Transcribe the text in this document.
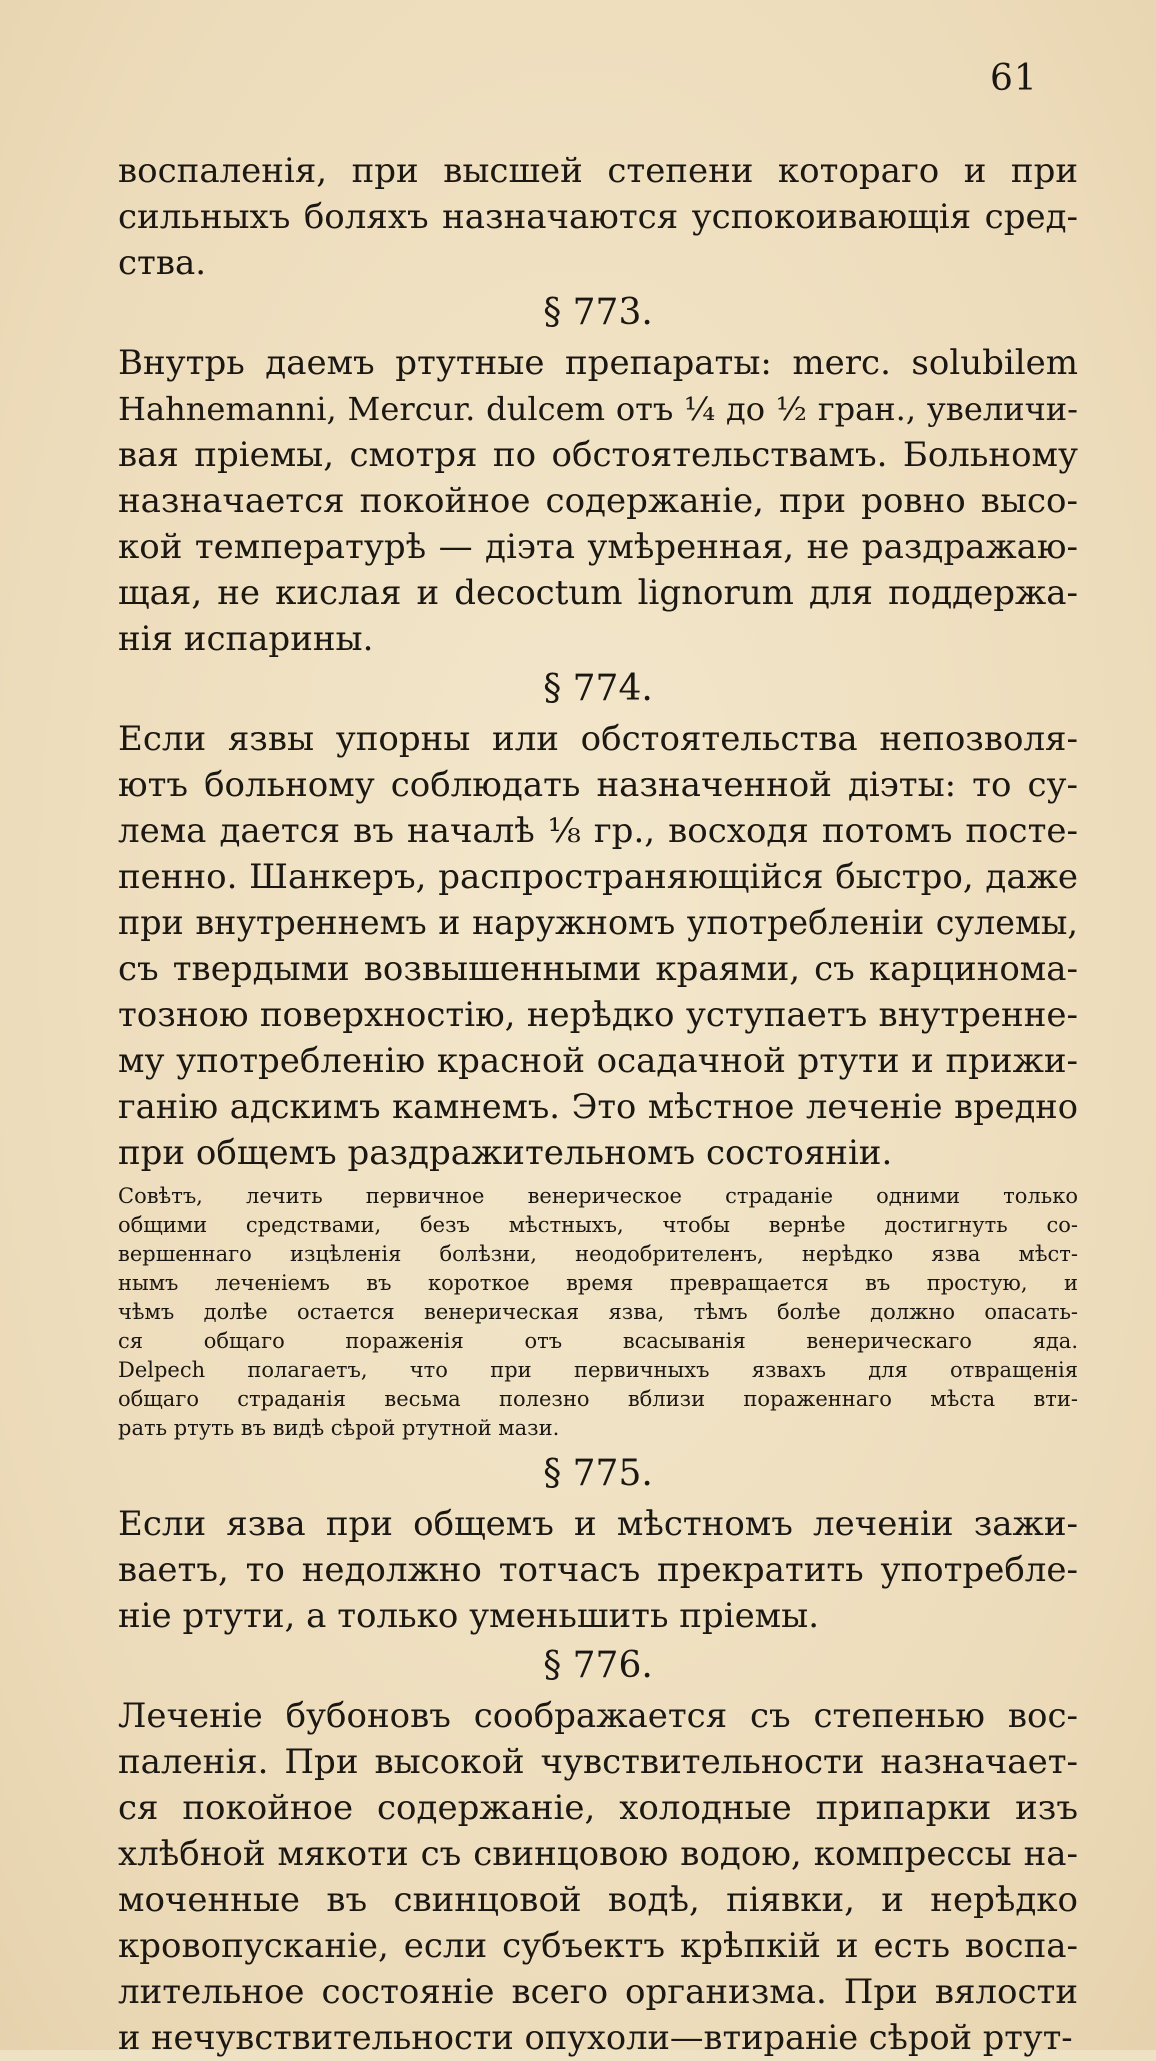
61
воспаленія, при высшей степени котораго и при
сильныхъ боляхъ назначаются успокоивающія сред-
ства.
§ 773.
Внутрь даемъ ртутные препараты: merc. solubilem
Hahnemanni, Mercur. dulcem отъ ¼ до ½ гран., увеличи-
вая пріемы, смотря по обстоятельствамъ. Больному
назначается покойное содержаніе, при ровно высо-
кой температурѣ — діэта умѣренная, не раздражаю-
щая, не кислая и decoctum lignorum для поддержа-
нія испарины.
§ 774.
Если язвы упорны или обстоятельства непозволя-
ютъ больному соблюдать назначенной діэты: то су-
лема дается въ началѣ ⅛ гр., восходя потомъ посте-
пенно. Шанкеръ, распространяющійся быстро, даже
при внутреннемъ и наружномъ употребленіи сулемы,
съ твердыми возвышенными краями, съ карцинома-
тозною поверхностію, нерѣдко уступаетъ внутренне-
му употребленію красной осадачной ртути и прижи-
ганію адскимъ камнемъ. Это мѣстное леченіе вредно
при общемъ раздражительномъ состояніи.
Совѣтъ, лечить первичное венерическое страданіе одними только
общими средствами, безъ мѣстныхъ, чтобы вернѣе достигнуть со-
вершеннаго изцѣленія болѣзни, неодобрителенъ, нерѣдко язва мѣст-
нымъ леченіемъ въ короткое время превращается въ простую, и
чѣмъ долѣе остается венерическая язва, тѣмъ болѣе должно опасать-
ся общаго пораженія отъ всасыванія венерическаго яда.
Delpech полагаетъ, что при первичныхъ язвахъ для отвращенія
общаго страданія весьма полезно вблизи пораженнаго мѣста вти-
рать ртуть въ видѣ сѣрой ртутной мази.
§ 775.
Если язва при общемъ и мѣстномъ леченіи зажи-
ваетъ, то недолжно тотчасъ прекратить употребле-
ніе ртути, а только уменьшить пріемы.
§ 776.
Леченіе бубоновъ соображается съ степенью вос-
паленія. При высокой чувствительности назначает-
ся покойное содержаніе, холодные припарки изъ
хлѣбной мякоти съ свинцовою водою, компрессы на-
моченные въ свинцовой водѣ, піявки, и нерѣдко
кровопусканіе, если субъектъ крѣпкій и есть воспа-
лительное состояніе всего организма. При вялости
и нечувствительности опухоли—втираніе сѣрой ртут-
